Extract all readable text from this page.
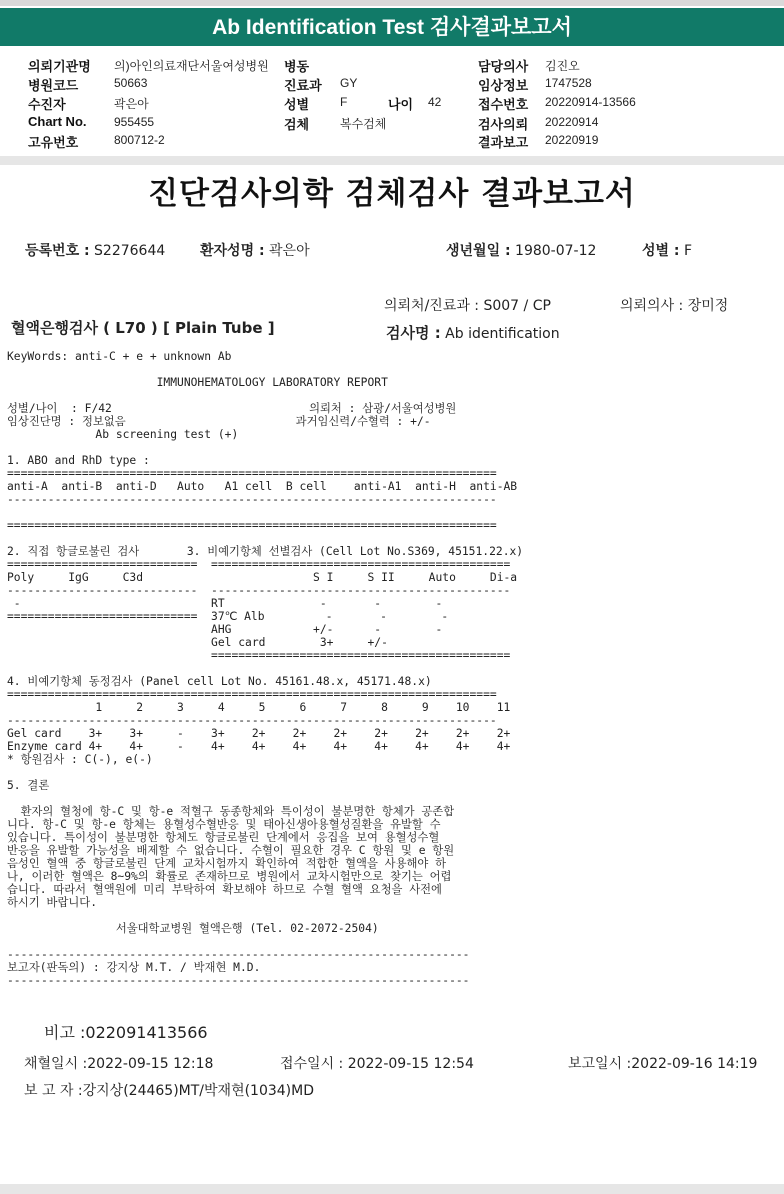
Ab Identification Test 검사결과보고서
의뢰기관명 의)아인의료재단서울여성병원
병원코드	50663
수진자	곽은아
Chart No. 955455
고유번호	800712-2
병동
진료과 GY
성별	F	나이 42
검체	복수검체
담당의사 김진오
임상정보 1747528
접수번호 20220914-13566
검사의뢰 20220914
결과보고 20220919
진단검사의학 검체검사 결과보고서
등록번호 : S2276644 환자성명 : 곽은아	생년월일 : 1980-07-12	성별 : F
의뢰처/진료과 : S007 / CP	의뢰의사 : 장미정
혈액은행검사 ( L70 ) [ Plain Tube ]	검사명 : Ab identification
KeyWords: anti-C + e + unknown Ab

IMMUNOHEMATOLOGY LABORATORY REPORT

성별/나이  : F/42                             의뢰처 : 삼광/서울여성병원
임상진단명 : 정보없음                         과거임신력/수혈력 : +/-
Ab screening test (+)

1. ABO and RhD type :
========================================================================
anti-A  anti-B  anti-D   Auto   A1 cell  B cell    anti-A1  anti-H  anti-AB
------------------------------------------------------------------------

========================================================================

2. 직접 항글로불린 검사       3. 비예기항체 선별검사 (Cell Lot No.S369, 45151.22.x)
============================  ============================================
Poly     IgG     C3d                         S I     S II     Auto     Di-a
----------------------------  --------------------------------------------
-                            RT              -       -        -
============================  37℃ Alb         -       -        -
AHG            +/-      -        -
Gel card        3+     +/-
============================================

4. 비예기항체 동정검사 (Panel cell Lot No. 45161.48.x, 45171.48.x)
========================================================================
1     2     3     4     5     6     7     8     9    10    11
------------------------------------------------------------------------
Gel card    3+    3+     -    3+    2+    2+    2+    2+    2+    2+    2+
Enzyme card 4+    4+     -    4+    4+    4+    4+    4+    4+    4+    4+
* 항원검사 : C(-), e(-)

5. 결론

환자의 혈청에 항-C 및 항-e 적혈구 동종항체와 특이성이 불분명한 항체가 공존합
니다. 항-C 및 항-e 항체는 용혈성수혈반응 및 태아신생아용혈성질환을 유발할 수
있습니다. 특이성이 불분명한 항체도 항글로불린 단계에서 응집을 보여 용혈성수혈
반응을 유발할 가능성을 배제할 수 없습니다. 수혈이 필요한 경우 C 항원 및 e 항원
음성인 혈액 중 항글로불린 단계 교차시험까지 확인하여 적합한 혈액을 사용해야 하
나, 이러한 혈액은 8~9%의 확률로 존재하므로 병원에서 교차시험만으로 찾기는 어렵
습니다. 따라서 혈액원에 미리 부탁하여 확보해야 하므로 수혈 혈액 요청을 사전에
하시기 바랍니다.

서울대학교병원 혈액은행 (Tel. 02-2072-2504)

--------------------------------------------------------------------
보고자(판독의) : 강지상 M.T. / 박재현 M.D.
--------------------------------------------------------------------
비고 :022091413566
채혈일시 :2022-09-15 12:18	접수일시 : 2022-09-15 12:54	보고일시 :2022-09-16 14:19
보 고 자 :강지상(24465)MT/박재현(1034)MD
